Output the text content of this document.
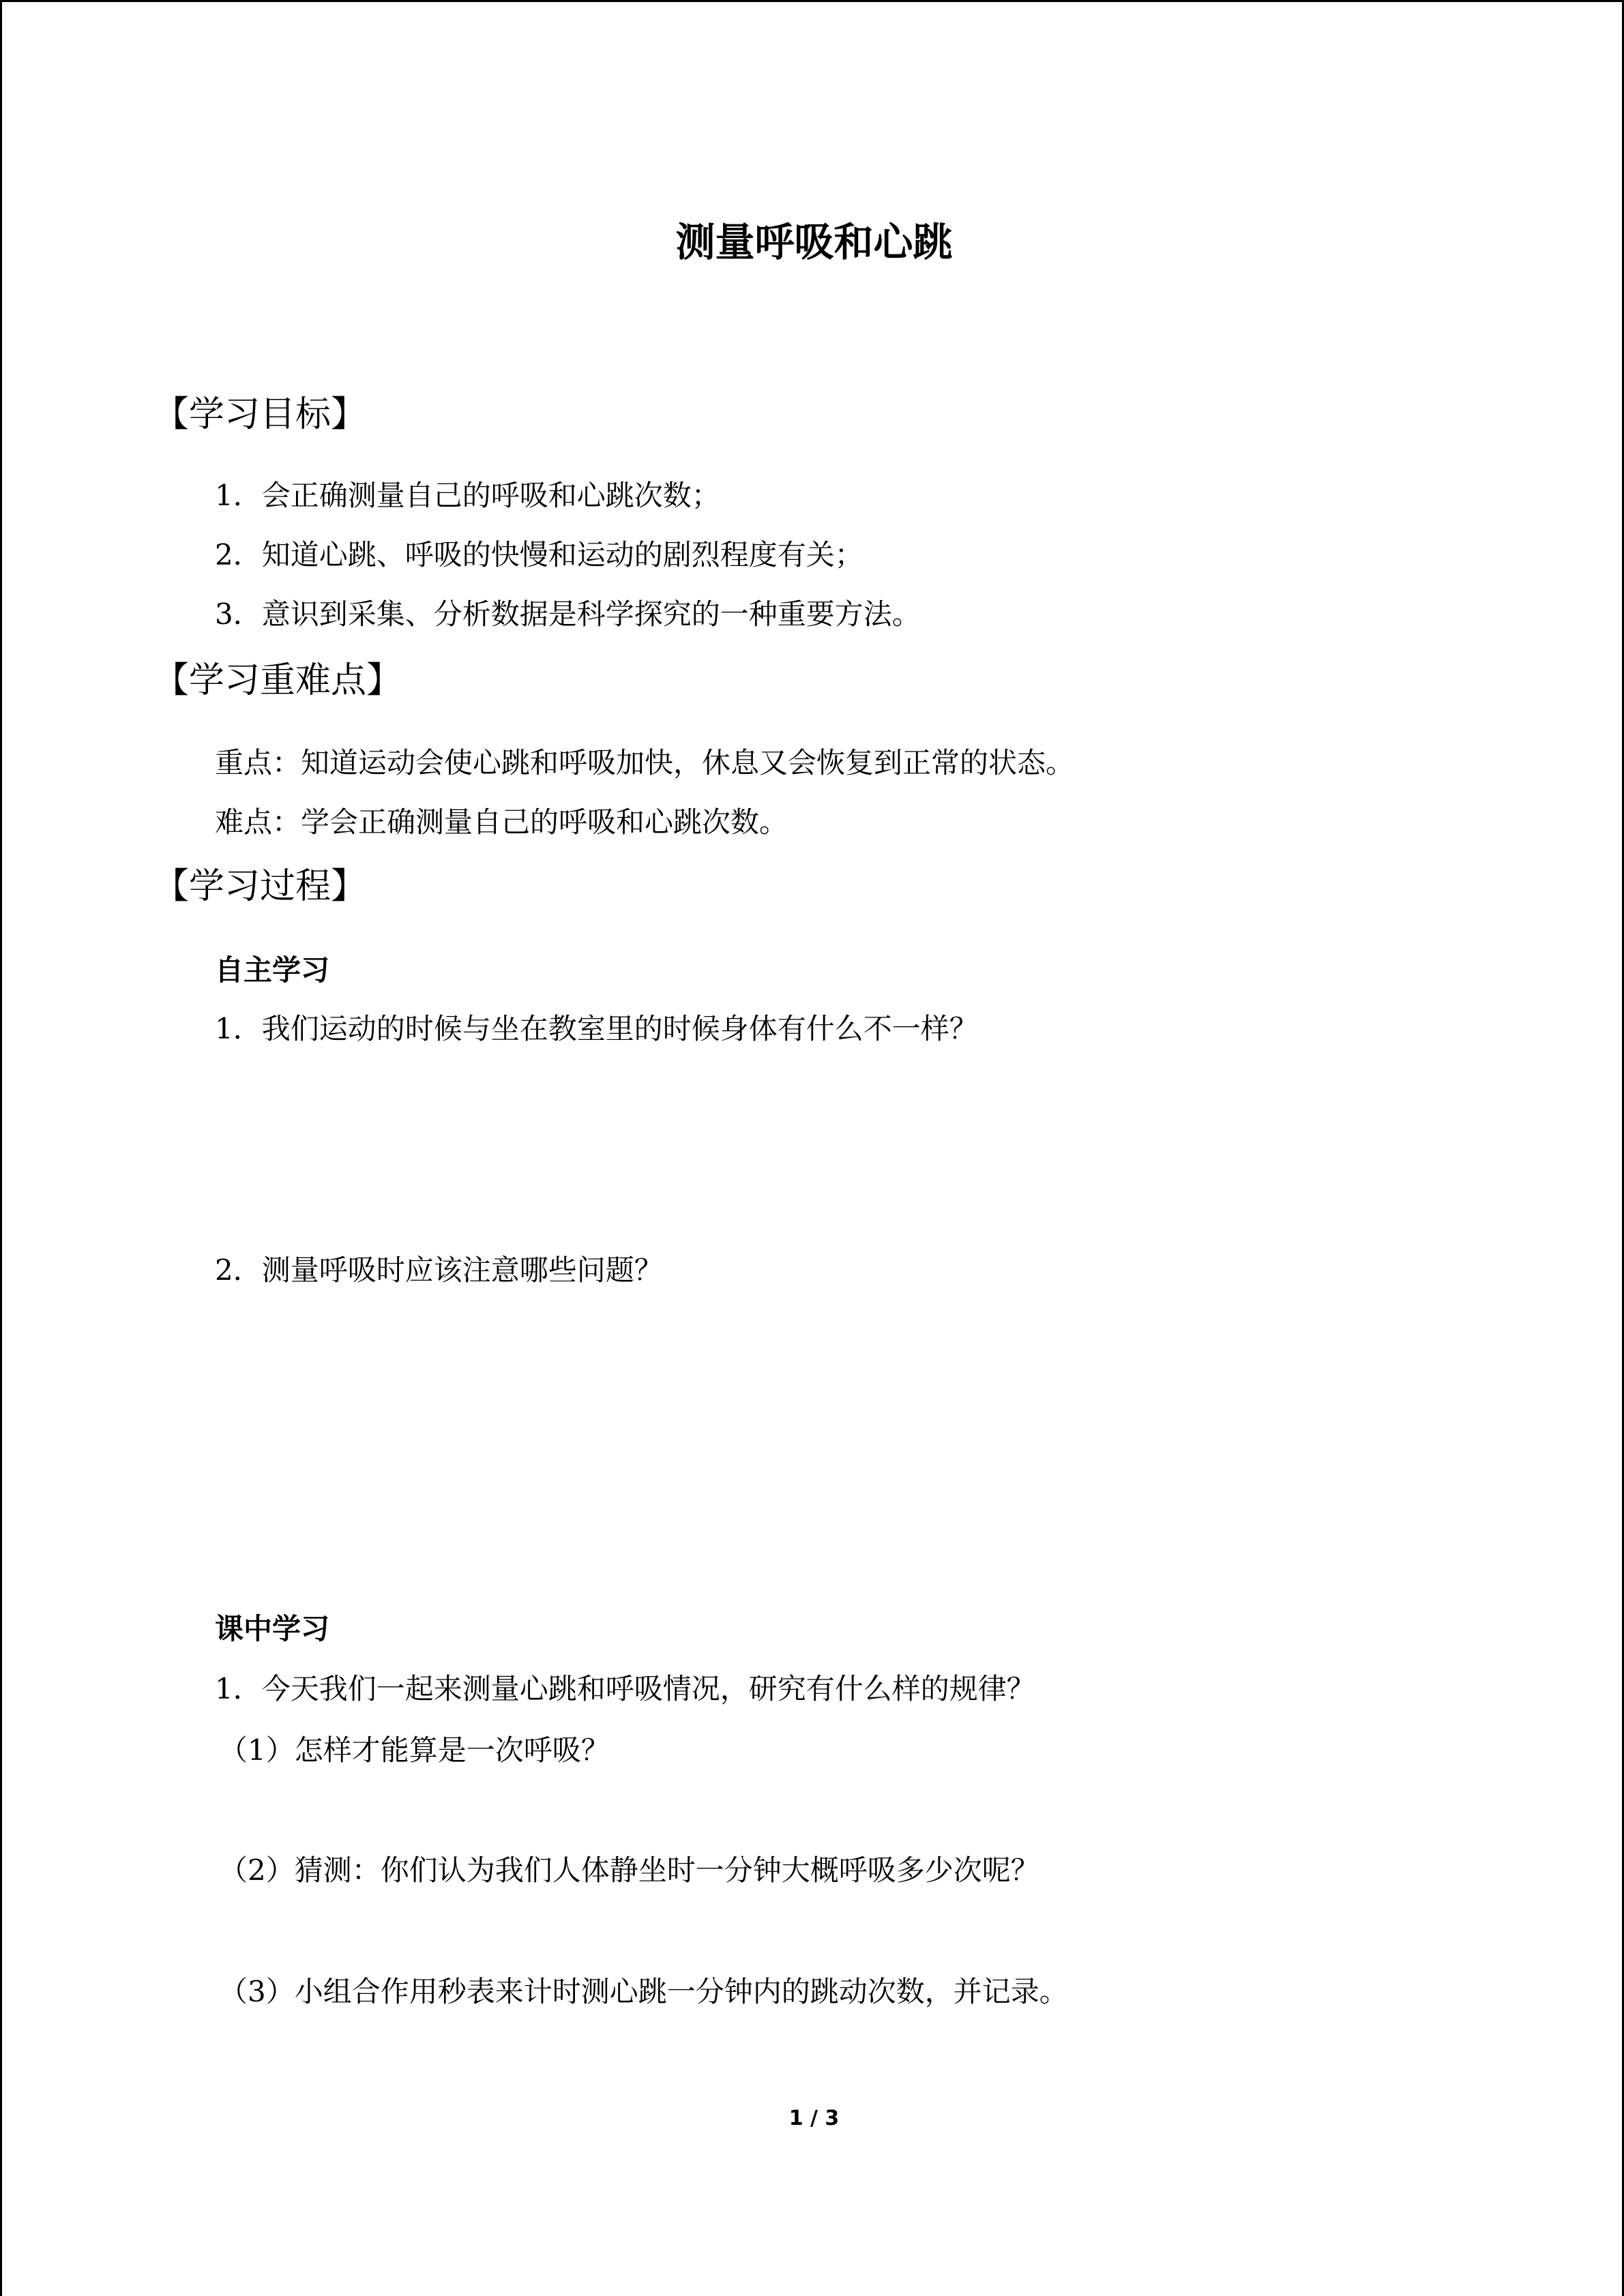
测量呼吸和心跳
【学习目标】
1．会正确测量自己的呼吸和心跳次数；
2．知道心跳、呼吸的快慢和运动的剧烈程度有关；
3．意识到采集、分析数据是科学探究的一种重要方法。
【学习重难点】
重点：知道运动会使心跳和呼吸加快，休息又会恢复到正常的状态。
难点：学会正确测量自己的呼吸和心跳次数。
【学习过程】
自主学习
1．我们运动的时候与坐在教室里的时候身体有什么不一样？
2．测量呼吸时应该注意哪些问题？
课中学习
1．今天我们一起来测量心跳和呼吸情况，研究有什么样的规律？
（1）怎样才能算是一次呼吸？
（2）猜测：你们认为我们人体静坐时一分钟大概呼吸多少次呢？
（3）小组合作用秒表来计时测心跳一分钟内的跳动次数，并记录。
1 / 3
